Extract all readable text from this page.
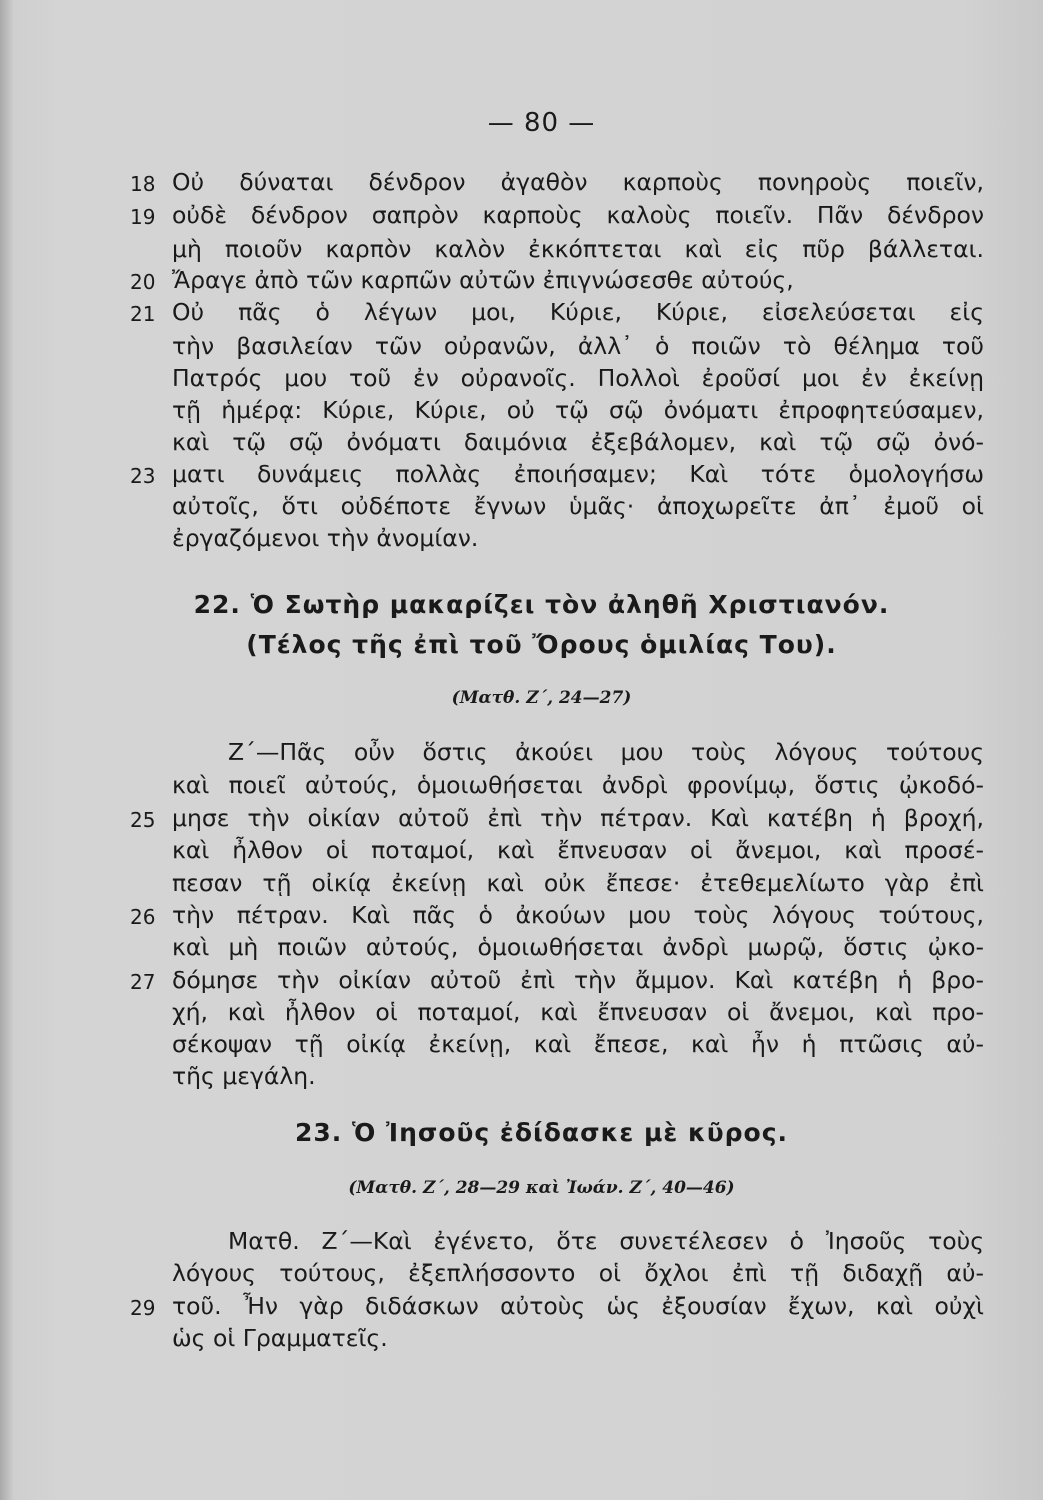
— 80 —
18 Οὐ δύναται δένδρον ἀγαθὸν καρποὺς πονηροὺς ποιεῖν,
19 οὐδὲ δένδρον σαπρὸν καρποὺς καλοὺς ποιεῖν. Πᾶν δένδρον
μὴ ποιοῦν καρπὸν καλὸν ἐκκόπτεται καὶ εἰς πῦρ βάλλεται.
20 Ἄραγε ἀπὸ τῶν καρπῶν αὐτῶν ἐπιγνώσεσθε αὐτούς,
21 Οὐ πᾶς ὁ λέγων μοι, Κύριε, Κύριε, εἰσελεύσεται εἰς
τὴν βασιλείαν τῶν οὐρανῶν, ἀλλ᾽ ὁ ποιῶν τὸ θέλημα τοῦ
Πατρός μου τοῦ ἐν οὐρανοῖς. Πολλοὶ ἐροῦσί μοι ἐν ἐκείνῃ
τῇ ἡμέρᾳ: Κύριε, Κύριε, οὐ τῷ σῷ ὀνόματι ἐπροφητεύσαμεν,
καὶ τῷ σῷ ὀνόματι δαιμόνια ἐξεβάλομεν, καὶ τῷ σῷ ὀνό-
23 ματι δυνάμεις πολλὰς ἐποιήσαμεν; Καὶ τότε ὁμολογήσω
αὐτοῖς, ὅτι οὐδέποτε ἔγνων ὑμᾶς· ἀποχωρεῖτε ἀπ᾽ ἐμοῦ οἱ
ἐργαζόμενοι τὴν ἀνομίαν.
22. Ὁ Σωτὴρ μακαρίζει τὸν ἀληθῆ Χριστιανόν.
(Τέλος τῆς ἐπὶ τοῦ Ὄρους ὁμιλίας Του).
(Ματθ. Ζ΄, 24—27)
Ζ΄—Πᾶς οὖν ὅστις ἀκούει μου τοὺς λόγους τούτους
καὶ ποιεῖ αὐτούς, ὁμοιωθήσεται ἀνδρὶ φρονίμῳ, ὅστις ᾠκοδό-
25 μησε τὴν οἰκίαν αὐτοῦ ἐπὶ τὴν πέτραν. Καὶ κατέβη ἡ βροχή,
καὶ ἦλθον οἱ ποταμοί, καὶ ἔπνευσαν οἱ ἄνεμοι, καὶ προσέ-
πεσαν τῇ οἰκίᾳ ἐκείνῃ καὶ οὐκ ἔπεσε· ἐτεθεμελίωτο γὰρ ἐπὶ
26 τὴν πέτραν. Καὶ πᾶς ὁ ἀκούων μου τοὺς λόγους τούτους,
καὶ μὴ ποιῶν αὐτούς, ὁμοιωθήσεται ἀνδρὶ μωρῷ, ὅστις ᾠκο-
27 δόμησε τὴν οἰκίαν αὐτοῦ ἐπὶ τὴν ἄμμον. Καὶ κατέβη ἡ βρο-
χή, καὶ ἦλθον οἱ ποταμοί, καὶ ἔπνευσαν οἱ ἄνεμοι, καὶ προ-
σέκοψαν τῇ οἰκίᾳ ἐκείνῃ, καὶ ἔπεσε, καὶ ἦν ἡ πτῶσις αὐ-
τῆς μεγάλη.
23. Ὁ Ἰησοῦς ἐδίδασκε μὲ κῦρος.
(Ματθ. Ζ΄, 28—29 καὶ Ἰωάν. Ζ΄, 40—46)
Ματθ. Ζ΄—Καὶ ἐγένετο, ὅτε συνετέλεσεν ὁ Ἰησοῦς τοὺς
λόγους τούτους, ἐξεπλήσσοντο οἱ ὄχλοι ἐπὶ τῇ διδαχῇ αὐ-
29 τοῦ. Ἦν γὰρ διδάσκων αὐτοὺς ὡς ἐξουσίαν ἔχων, καὶ οὐχὶ
ὡς οἱ Γραμματεῖς.
